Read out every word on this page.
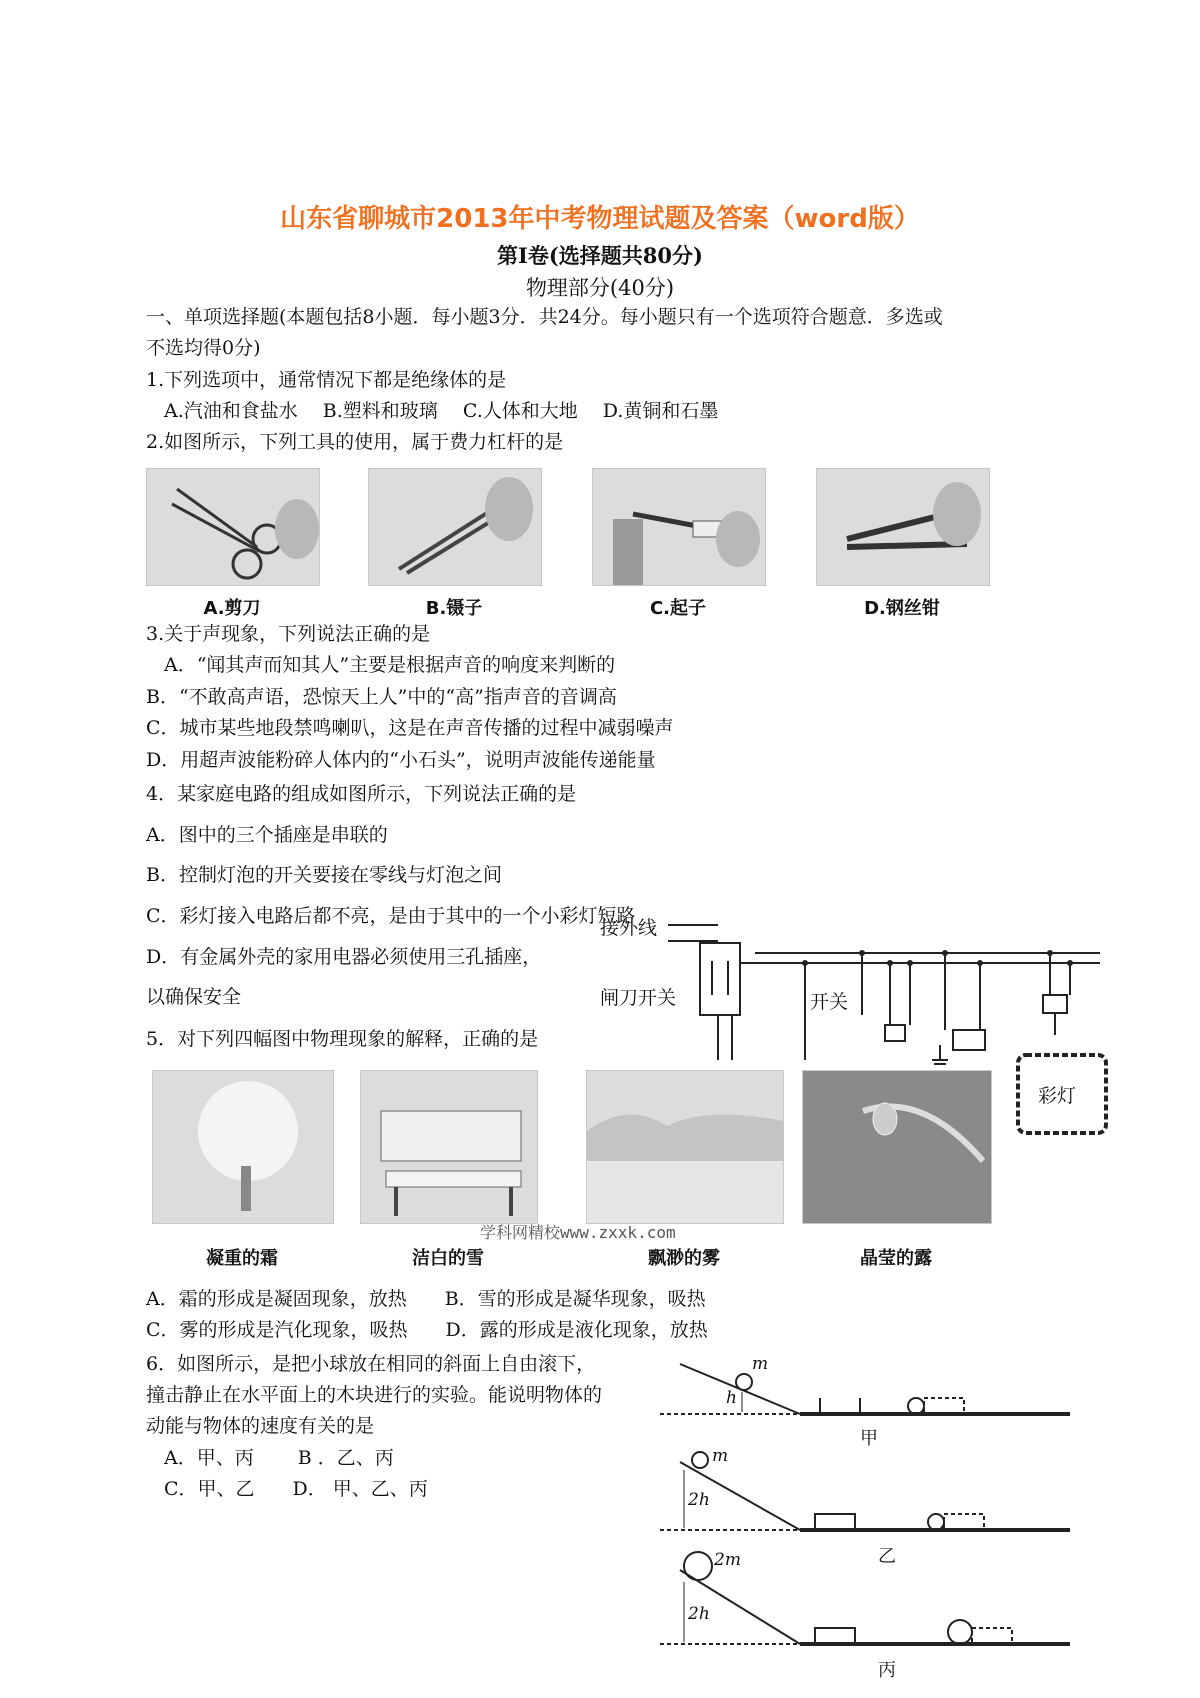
山东省聊城市2013年中考物理试题及答案（word版）
第Ⅰ卷(选择题共80分)
物理部分(40分)
一、单项选择题(本题包括8小题．每小题3分．共24分。每小题只有一个选项符合题意．多选或
不选均得0分)
1.下列选项中，通常情况下都是绝缘体的是
A.汽油和食盐水　 B.塑料和玻璃　 C.人体和大地　 D.黄铜和石墨
2.如图所示，下列工具的使用，属于费力杠杆的是
A.剪刀	B.镊子	C.起子	D.钢丝钳
3.关于声现象，下列说法正确的是
A．“闻其声而知其人”主要是根据声音的响度来判断的
B．“不敢高声语，恐惊天上人”中的“高”指声音的音调高
C．城市某些地段禁鸣喇叭，这是在声音传播的过程中减弱噪声
D．用超声波能粉碎人体内的“小石头”，说明声波能传递能量
4．某家庭电路的组成如图所示，下列说法正确的是
A．图中的三个插座是串联的
B．控制灯泡的开关要接在零线与灯泡之间
C．彩灯接入电路后都不亮，是由于其中的一个小彩灯短路
D．有金属外壳的家用电器必须使用三孔插座，
以确保安全
接外线
闸刀开关	开关
彩灯
5．对下列四幅图中物理现象的解释，正确的是
学科网精校www.zxxk.com
凝重的霜	洁白的雪	飘渺的雾	晶莹的露
A．霜的形成是凝固现象，放热　　B．雪的形成是凝华现象，吸热
C．雾的形成是汽化现象，吸热　　D．露的形成是液化现象，放热
6．如图所示，是把小球放在相同的斜面上自由滚下，
撞击静止在水平面上的木块进行的实验。能说明物体的
动能与物体的速度有关的是
A．甲、丙　　 B ．乙、丙
C．甲、乙　　D． 甲、乙、丙
m
h
甲
m
2h
乙
2m
2h
丙
